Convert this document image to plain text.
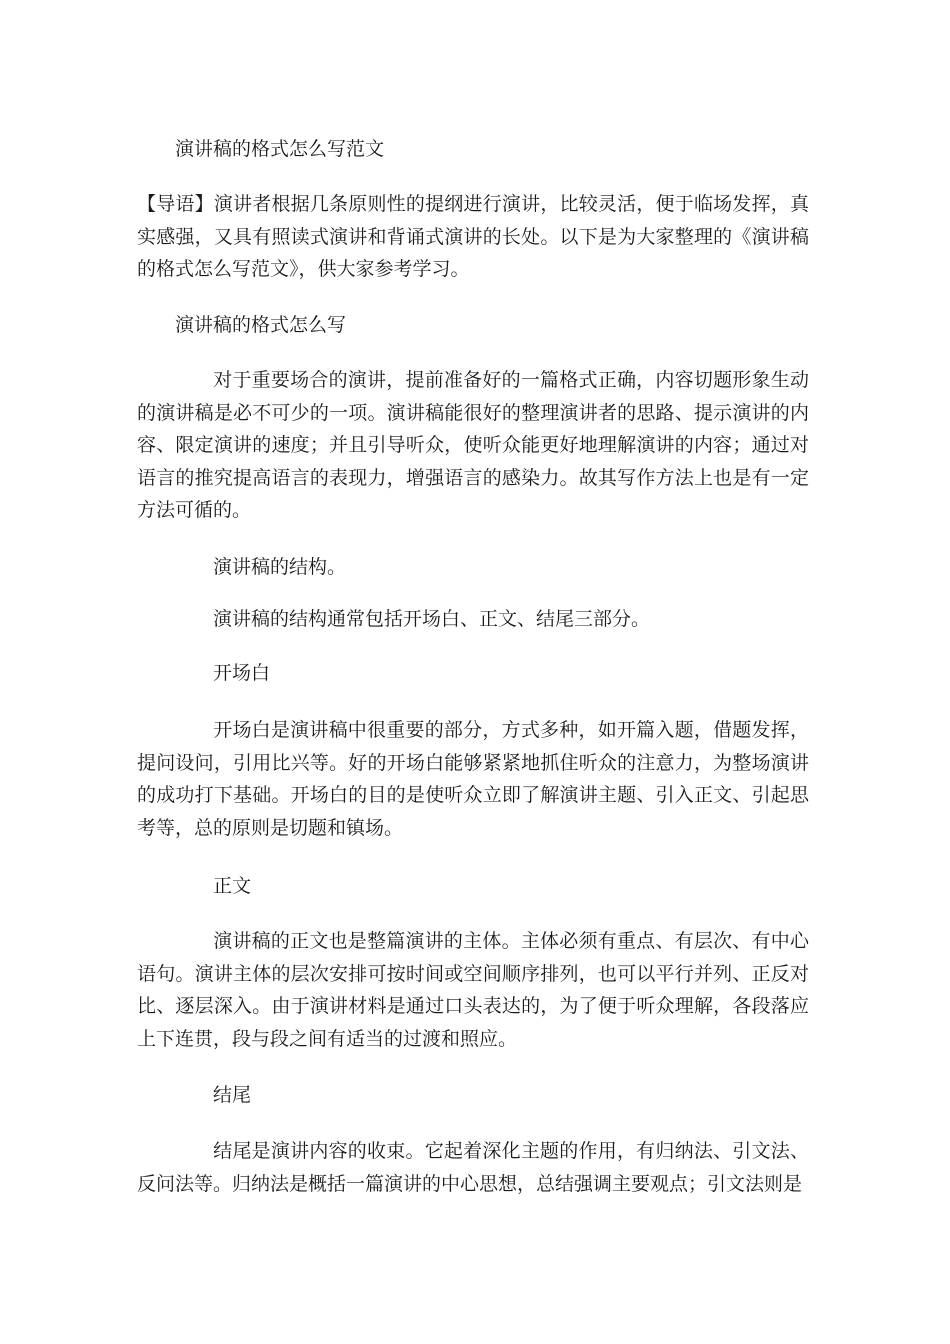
演讲稿的格式怎么写范文

【导语】演讲者根据几条原则性的提纲进行演讲，比较灵活，便于临场发挥，真实感强，又具有照读式演讲和背诵式演讲的长处。以下是为大家整理的《演讲稿的格式怎么写范文》，供大家参考学习。

演讲稿的格式怎么写

对于重要场合的演讲，提前准备好的一篇格式正确，内容切题形象生动的演讲稿是必不可少的一项。演讲稿能很好的整理演讲者的思路、提示演讲的内容、限定演讲的速度；并且引导听众，使听众能更好地理解演讲的内容；通过对语言的推究提高语言的表现力，增强语言的感染力。故其写作方法上也是有一定方法可循的。

演讲稿的结构。
演讲稿的结构通常包括开场白、正文、结尾三部分。
开场白

开场白是演讲稿中很重要的部分，方式多种，如开篇入题，借题发挥，提问设问，引用比兴等。好的开场白能够紧紧地抓住听众的注意力，为整场演讲的成功打下基础。开场白的目的是使听众立即了解演讲主题、引入正文、引起思考等，总的原则是切题和镇场。

正文

演讲稿的正文也是整篇演讲的主体。主体必须有重点、有层次、有中心语句。演讲主体的层次安排可按时间或空间顺序排列，也可以平行并列、正反对比、逐层深入。由于演讲材料是通过口头表达的，为了便于听众理解，各段落应上下连贯，段与段之间有适当的过渡和照应。

结尾

结尾是演讲内容的收束。它起着深化主题的作用，有归纳法、引文法、反问法等。归纳法是概括一篇演讲的中心思想，总结强调主要观点；引文法则是
